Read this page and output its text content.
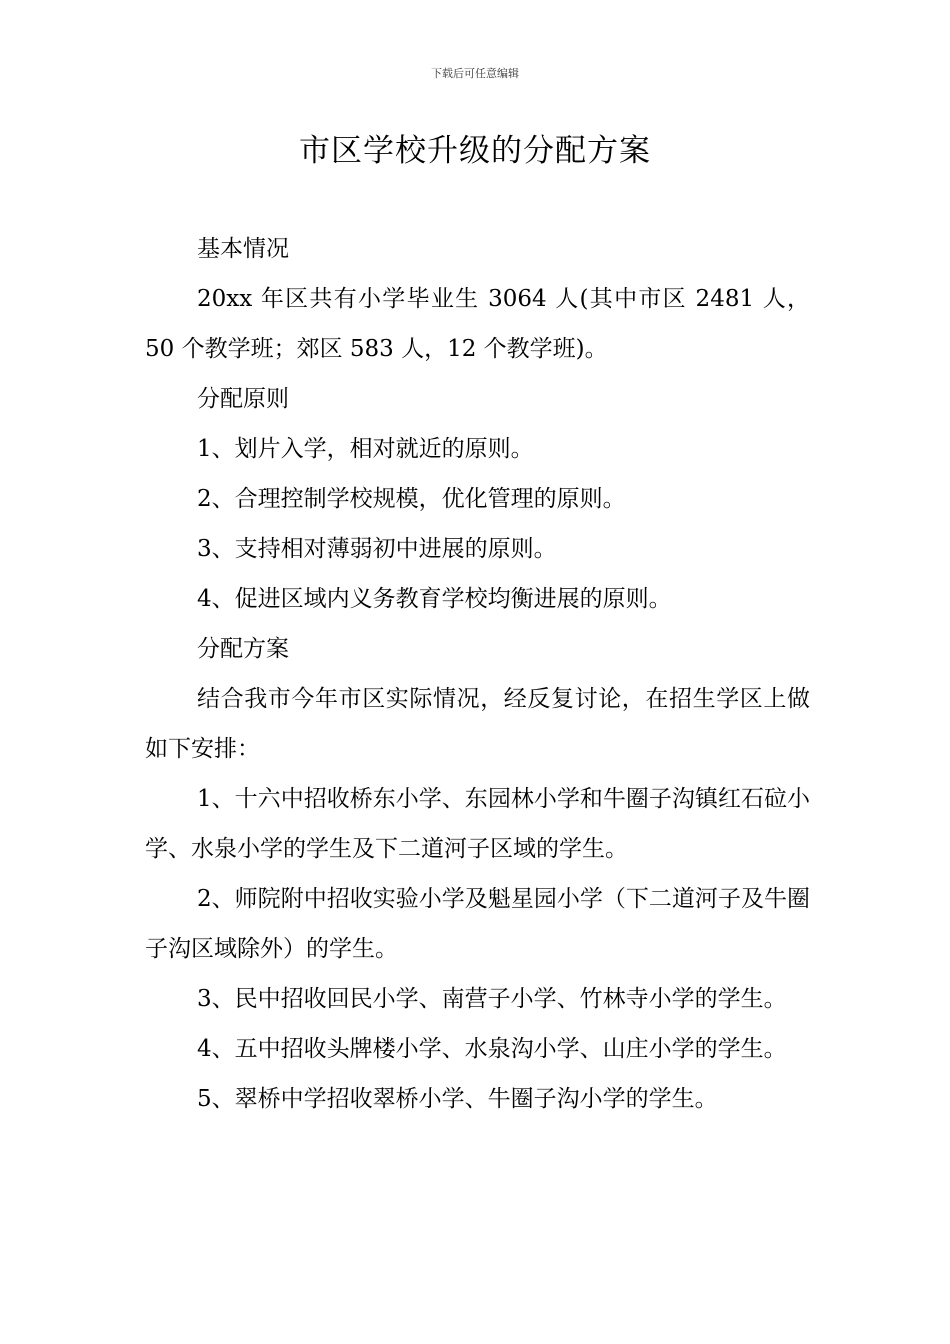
下载后可任意编辑
市区学校升级的分配方案

基本情况

20xx 年区共有小学毕业生 3064 人(其中市区 2481 人，50 个教学班；郊区 583 人，12 个教学班)。

分配原则

1、划片入学，相对就近的原则。

2、合理控制学校规模，优化管理的原则。

3、支持相对薄弱初中进展的原则。

4、促进区域内义务教育学校均衡进展的原则。

分配方案

结合我市今年市区实际情况，经反复讨论，在招生学区上做如下安排：

1、十六中招收桥东小学、东园林小学和牛圈子沟镇红石砬小学、水泉小学的学生及下二道河子区域的学生。

2、师院附中招收实验小学及魁星园小学（下二道河子及牛圈子沟区域除外）的学生。

3、民中招收回民小学、南营子小学、竹林寺小学的学生。

4、五中招收头牌楼小学、水泉沟小学、山庄小学的学生。

5、翠桥中学招收翠桥小学、牛圈子沟小学的学生。
